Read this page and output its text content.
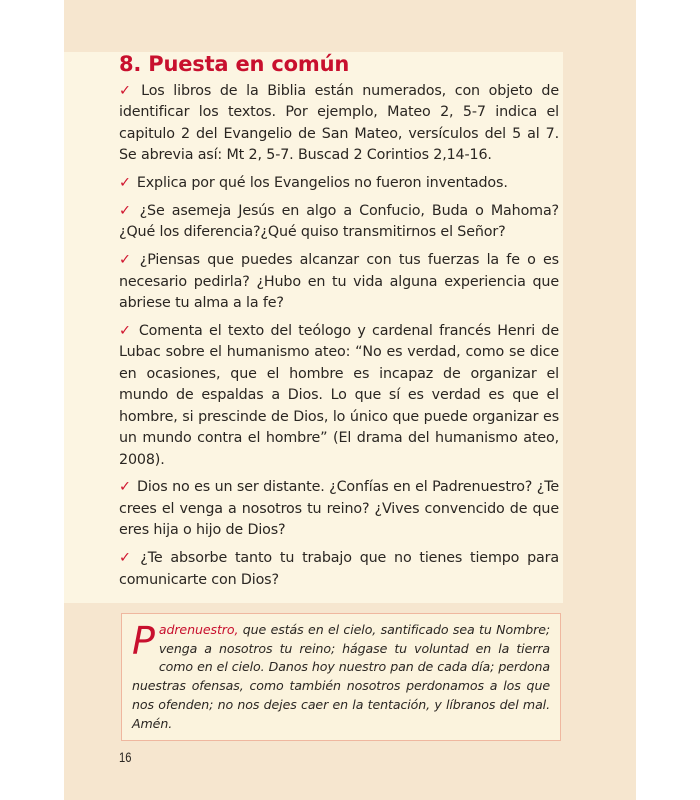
8. Puesta en común

✓ Los libros de la Biblia están numerados, con objeto de identificar los textos. Por ejemplo, Mateo 2, 5-7 indica el capitulo 2 del Evangelio de San Mateo, versículos del 5 al 7. Se abrevia así: Mt 2, 5-7. Buscad 2 Corintios 2,14-16.

✓ Explica por qué los Evangelios no fueron inventados.

✓ ¿Se asemeja Jesús en algo a Confucio, Buda o Mahoma? ¿Qué los diferencia?¿Qué quiso transmitirnos el Señor?

✓ ¿Piensas que puedes alcanzar con tus fuerzas la fe o es necesario pedirla? ¿Hubo en tu vida alguna experiencia que abriese tu alma a la fe?

✓ Comenta el texto del teólogo y cardenal francés Henri de Lubac sobre el humanismo ateo: “No es verdad, como se dice en ocasiones, que el hombre es incapaz de organizar el mundo de espaldas a Dios. Lo que sí es verdad es que el hombre, si prescinde de Dios, lo único que puede organizar es un mundo contra el hombre” (El drama del humanismo ateo, 2008).

✓ Dios no es un ser distante. ¿Confías en el Padrenuestro? ¿Te crees el venga a nosotros tu reino? ¿Vives convencido de que eres hija o hijo de Dios?

✓ ¿Te absorbe tanto tu trabajo que no tienes tiempo para comunicarte con Dios?

Padrenuestro, que estás en el cielo, santificado sea tu Nombre; venga a nosotros tu reino; hágase tu voluntad en la tierra como en el cielo. Danos hoy nuestro pan de cada día; perdona nuestras ofensas, como también nosotros perdonamos a los que nos ofenden; no nos dejes caer en la tentación, y líbranos del mal. Amén.

16
